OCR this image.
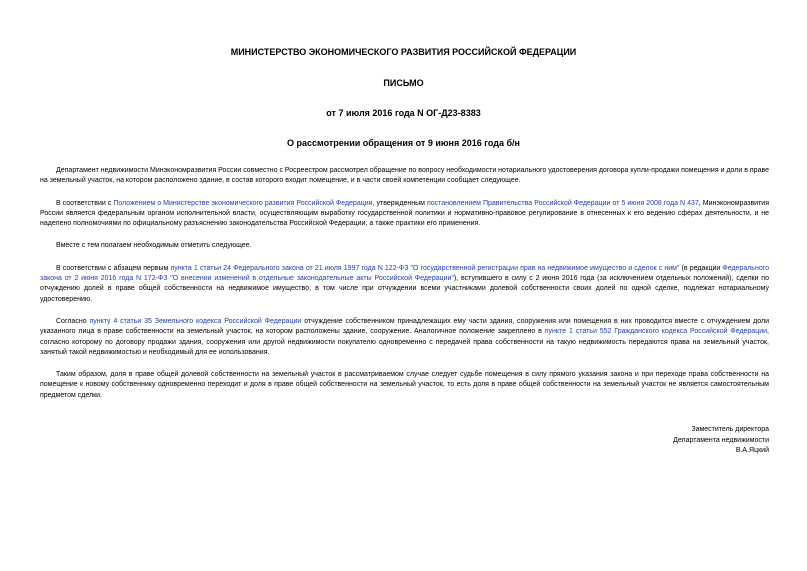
МИНИСТЕРСТВО ЭКОНОМИЧЕСКОГО РАЗВИТИЯ РОССИЙСКОЙ ФЕДЕРАЦИИ
ПИСЬМО
от 7 июля 2016 года N ОГ-Д23-8383
О рассмотрении обращения от 9 июня 2016 года б/н

Департамент недвижимости Минэкономразвития России совместно с Росреестром рассмотрел обращение по вопросу необходимости нотариального удостоверения договора купли-продажи помещения и доли в праве на земельный участок, на котором расположено здание, в состав которого входит помещение, и в части своей компетенции сообщает следующее.

В соответствии с Положением о Министерстве экономического развития Российской Федерации, утвержденным постановлением Правительства Российской Федерации от 5 июня 2008 года N 437, Минэкономразвития России является федеральным органом исполнительной власти, осуществляющим выработку государственной политики и нормативно-правовое регулирование в отнесенных к его ведению сферах деятельности, и не наделено полномочиями по официальному разъяснению законодательства Российской Федерации, а также практики его применения.

Вместе с тем полагаем необходимым отметить следующее.

В соответствии с абзацем первым пункта 1 статьи 24 Федерального закона от 21 июля 1997 года N 122-ФЗ "О государственной регистрации прав на недвижимое имущество и сделок с ним" (в редакции Федерального закона от 2 июня 2016 года N 172-ФЗ "О внесении изменений в отдельные законодательные акты Российской Федерации"), вступившего в силу с 2 июня 2016 года (за исключением отдельных положений), сделки по отчуждению долей в праве общей собственности на недвижимое имущество, в том числе при отчуждении всеми участниками долевой собственности своих долей по одной сделке, подлежат нотариальному удостоверению.

Согласно пункту 4 статьи 35 Земельного кодекса Российской Федерации отчуждение собственником принадлежащих ему части здания, сооружения или помещения в них проводится вместе с отчуждением доли указанного лица в праве собственности на земельный участок, на котором расположены здание, сооружение. Аналогичное положение закреплено в пункте 1 статьи 552 Гражданского кодекса Российской Федерации, согласно которому по договору продажи здания, сооружения или другой недвижимости покупателю одновременно с передачей права собственности на такую недвижимость передаются права на земельный участок, занятый такой недвижимостью и необходимый для ее использования.

Таким образом, доля в праве общей долевой собственности на земельный участок в рассматриваемом случае следует судьбе помещения в силу прямого указания закона и при переходе права собственности на помещение к новому собственнику одновременно переходит и доля в праве общей собственности на земельный участок, то есть доля в праве общей собственности на земельный участок не является самостоятельным предметом сделки.

Заместитель директора
Департамента недвижимости
В.А.Яцкий
